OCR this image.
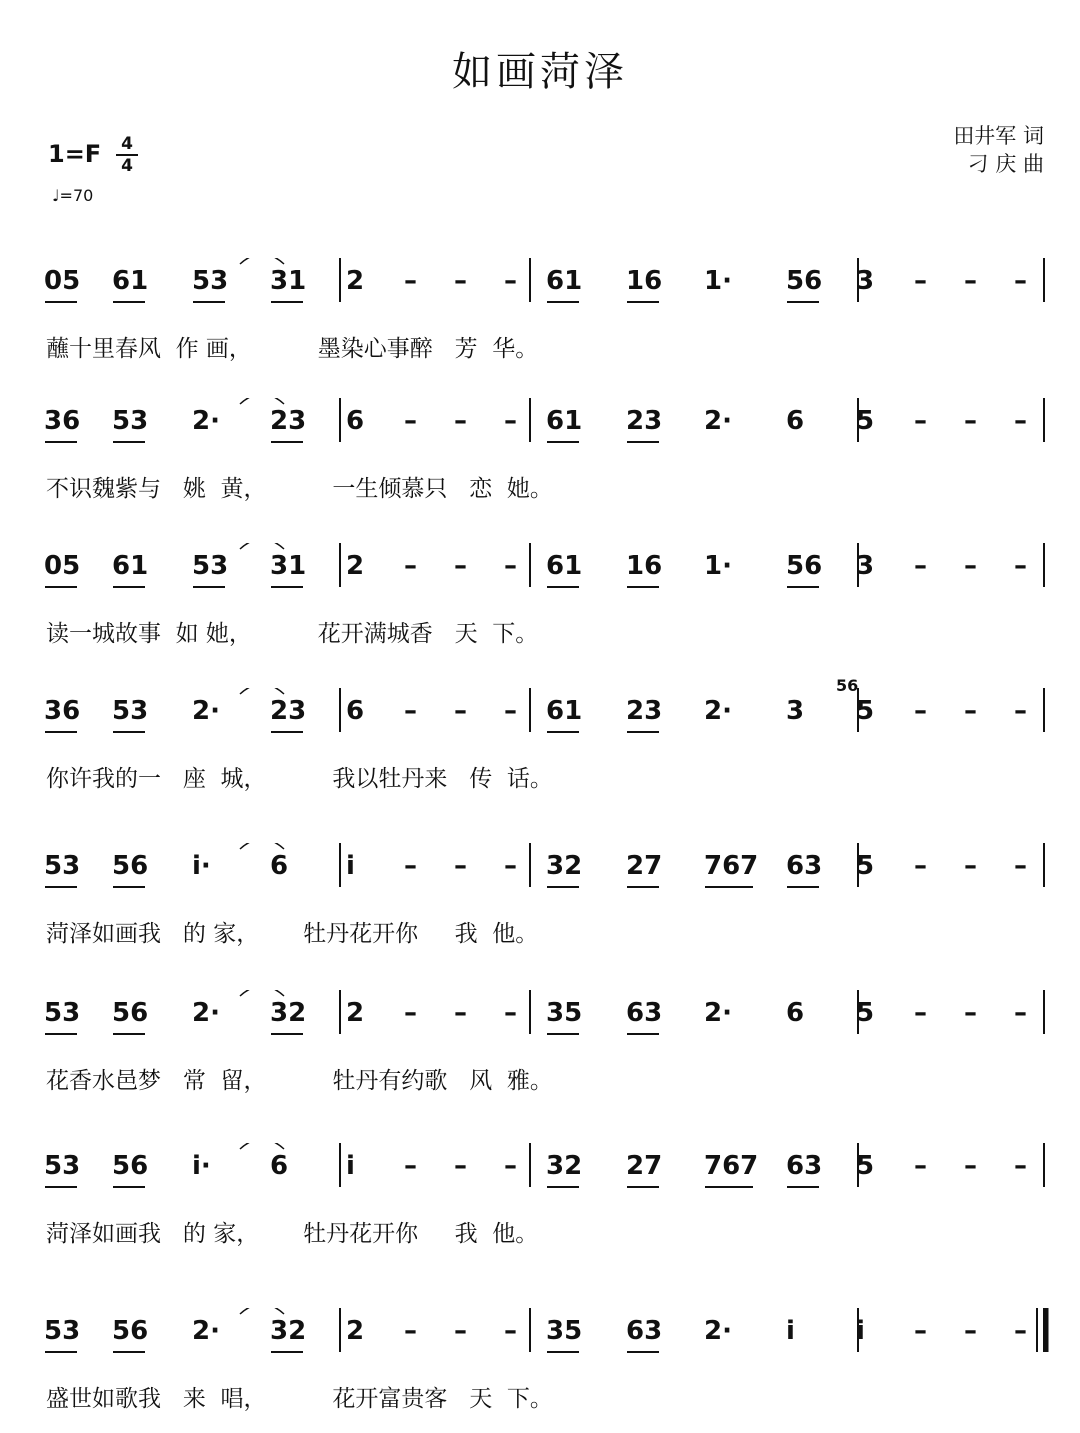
如画菏泽
1=F 4
4
♩=70
田井军 词
刁 庆 曲
05 61 53 31 2 – – – 61 16 1· 56 3 – – –
蘸十里春风  作 画，         墨染心事醉   芳  华。
36 53 2· 23 6 – – – 61 23 2· 6 5 – – –
不识魏紫与   姚  黄，         一生倾慕只   恋  她。
05 61 53 31 2 – – – 61 16 1· 56 3 – – –
读一城故事  如 她，         花开满城香   天  下。
36 53 2· 23 6 – – – 61 23 2· 3 5 – – –
56
你许我的一   座  城，         我以牡丹来   传  话。
53 56 i· 6 i – – – 32 27 767 63 5 – – –
菏泽如画我   的 家，      牡丹花开你     我  他。
53 56 2· 32 2 – – – 35 63 2· 6 5 – – –
花香水邑梦   常  留，         牡丹有约歌   风  雅。
53 56 i· 6 i – – – 32 27 767 63 5 – – –
菏泽如画我   的 家，      牡丹花开你     我  他。
53 56 2· 32 2 – – – 35 63 2· i i – – –
盛世如歌我   来  唱，         花开富贵客   天  下。
